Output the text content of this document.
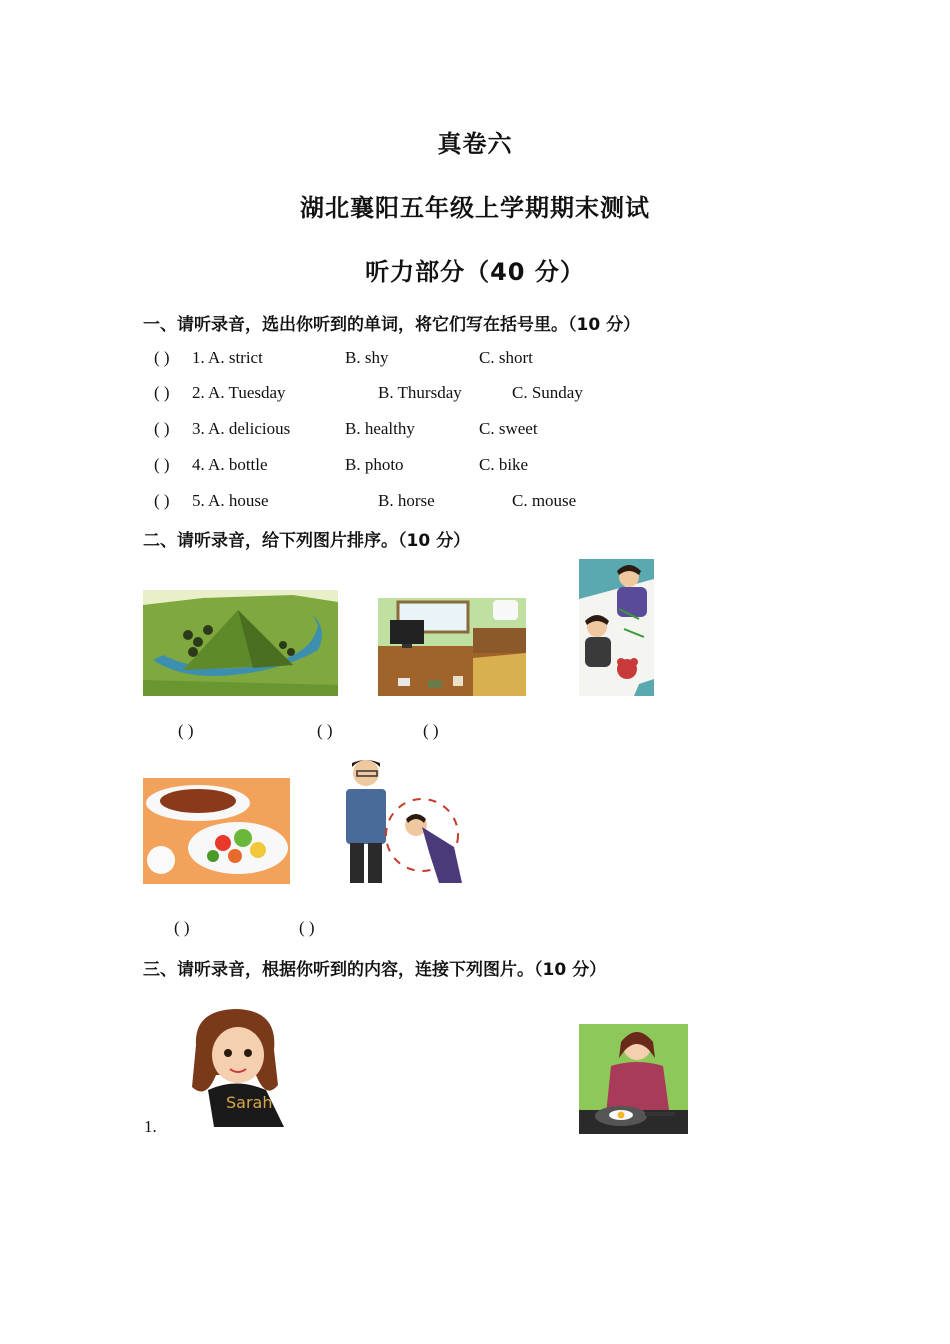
真卷六
湖北襄阳五年级上学期期末测试
听力部分（40 分）
一、请听录音，选出你听到的单词，将它们写在括号里。（10 分）
( ) 1. A. strict	B. shy	C. short
( ) 2. A. Tuesday	B. Thursday	C. Sunday
( ) 3. A. delicious	B. healthy	C. sweet
( ) 4. A. bottle	B. photo	C. bike
( ) 5. A. house	B. horse	C. mouse
二、请听录音，给下列图片排序。（10 分）
( )	( )	( )
( )	( )
三、请听录音，根据你听到的内容，连接下列图片。（10 分）
Sarah
1.
